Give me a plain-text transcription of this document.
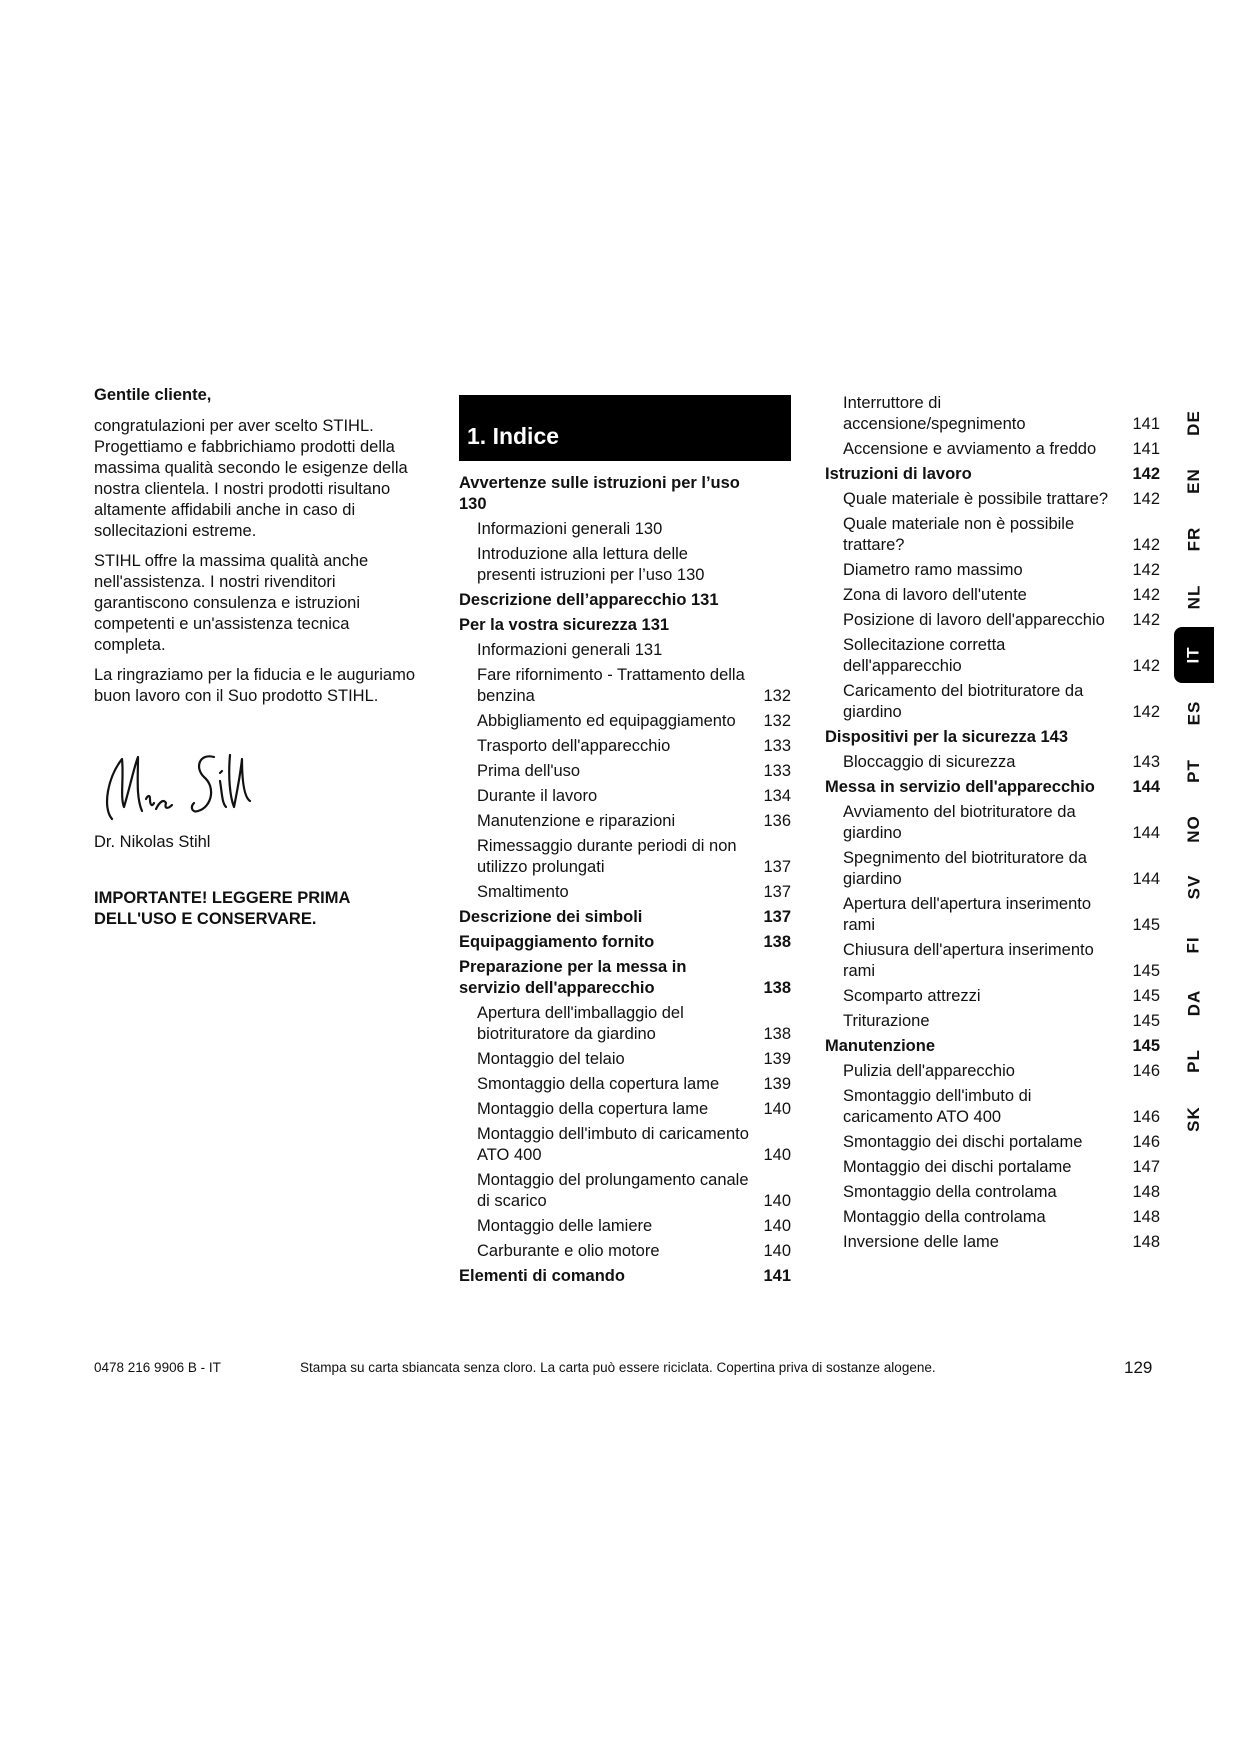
Gentile cliente,
congratulazioni per aver scelto STIHL. Progettiamo e fabbrichiamo prodotti della massima qualità secondo le esigenze della nostra clientela. I nostri prodotti risultano altamente affidabili anche in caso di sollecitazioni estreme.
STIHL offre la massima qualità anche nell'assistenza. I nostri rivenditori garantiscono consulenza e istruzioni competenti e un'assistenza tecnica completa.
La ringraziamo per la fiducia e le auguriamo buon lavoro con il Suo prodotto STIHL.
Dr. Nikolas Stihl
IMPORTANTE! LEGGERE PRIMA DELL'USO E CONSERVARE.
1. Indice
Avvertenze sulle istruzioni per l’uso 130
Informazioni generali 130
Introduzione alla lettura delle presenti istruzioni per l’uso 130
Descrizione dell’apparecchio 131
Per la vostra sicurezza 131
Informazioni generali 131
Fare rifornimento - Trattamento della benzina	132
Abbigliamento ed equipaggiamento	132
Trasporto dell'apparecchio	133
Prima dell'uso	133
Durante il lavoro	134
Manutenzione e riparazioni	136
Rimessaggio durante periodi di non utilizzo prolungati	137
Smaltimento	137
Descrizione dei simboli	137
Equipaggiamento fornito	138
Preparazione per la messa in servizio dell'apparecchio	138
Apertura dell'imballaggio del biotrituratore da giardino	138
Montaggio del telaio	139
Smontaggio della copertura lame	139
Montaggio della copertura lame	140
Montaggio dell'imbuto di caricamento ATO 400	140
Montaggio del prolungamento canale di scarico	140
Montaggio delle lamiere	140
Carburante e olio motore	140
Elementi di comando	141
Interruttore di accensione/spegnimento	141
Accensione e avviamento a freddo	141
Istruzioni di lavoro	142
Quale materiale è possibile trattare?	142
Quale materiale non è possibile trattare?	142
Diametro ramo massimo	142
Zona di lavoro dell'utente	142
Posizione di lavoro dell'apparecchio	142
Sollecitazione corretta dell'apparecchio	142
Caricamento del biotrituratore da giardino	142
Dispositivi per la sicurezza 143
Bloccaggio di sicurezza	143
Messa in servizio dell'apparecchio	144
Avviamento del biotrituratore da giardino	144
Spegnimento del biotrituratore da giardino	144
Apertura dell'apertura inserimento rami	145
Chiusura dell'apertura inserimento rami	145
Scomparto attrezzi	145
Triturazione	145
Manutenzione	145
Pulizia dell'apparecchio	146
Smontaggio dell'imbuto di caricamento ATO 400	146
Smontaggio dei dischi portalame	146
Montaggio dei dischi portalame	147
Smontaggio della controlama	148
Montaggio della controlama	148
Inversione delle lame	148
DE
EN
FR
NL
IT
ES
PT
NO
SV
FI
DA
PL
SK
0478 216 9906 B - IT	Stampa su carta sbiancata senza cloro. La carta può essere riciclata. Copertina priva di sostanze alogene.	129
